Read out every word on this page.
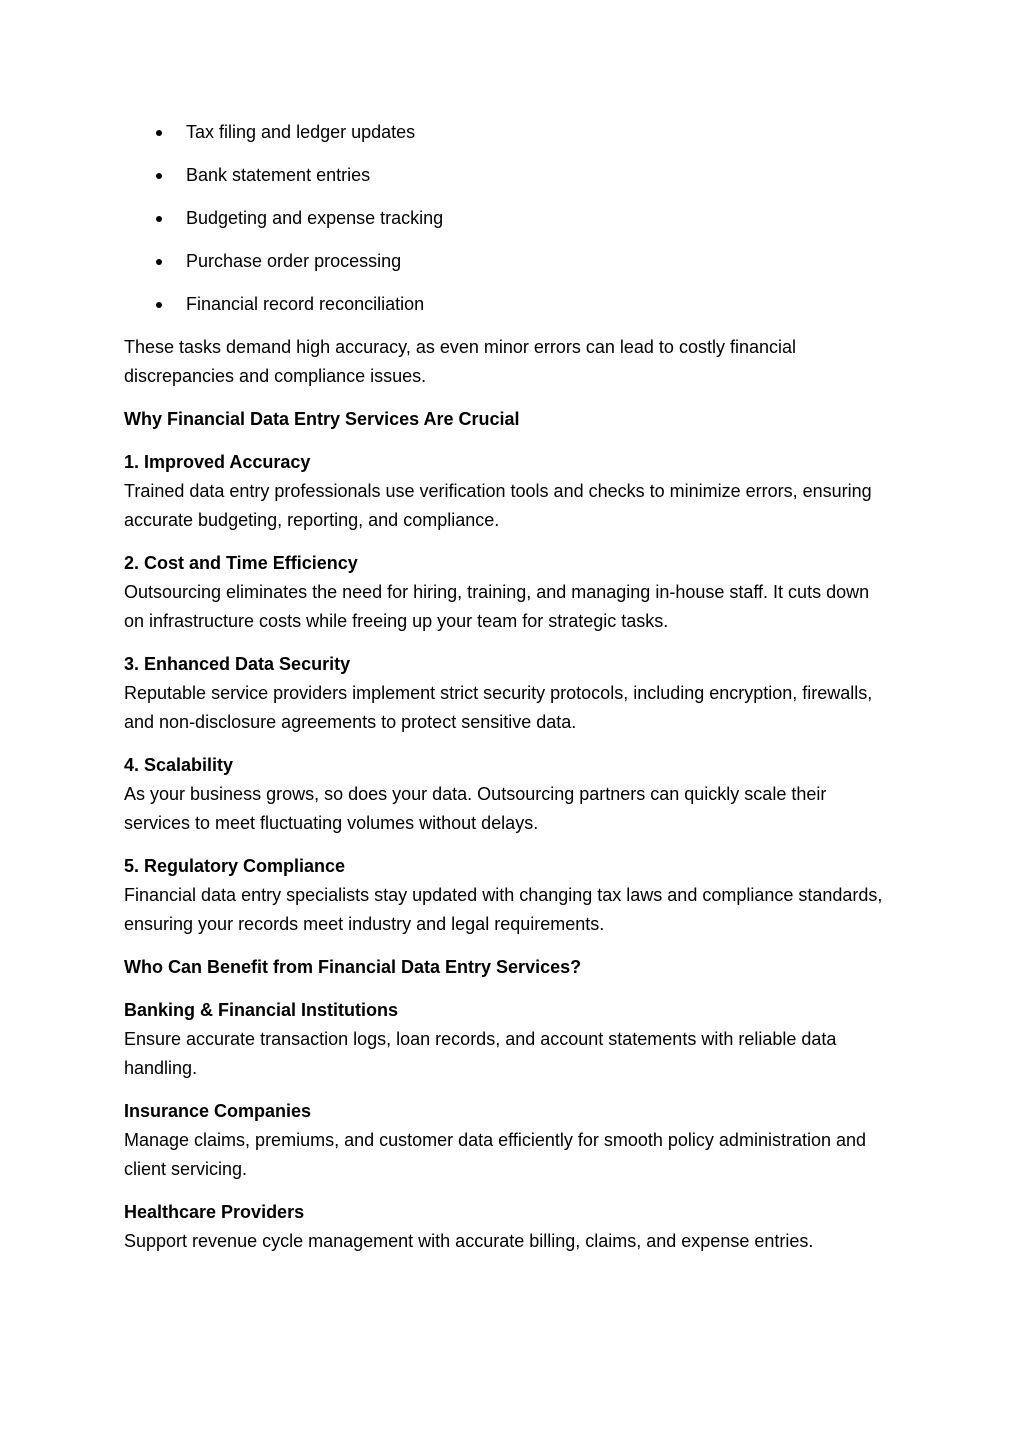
Tax filing and ledger updates
Bank statement entries
Budgeting and expense tracking
Purchase order processing
Financial record reconciliation

These tasks demand high accuracy, as even minor errors can lead to costly financial discrepancies and compliance issues.

Why Financial Data Entry Services Are Crucial
1. Improved Accuracy
Trained data entry professionals use verification tools and checks to minimize errors, ensuring accurate budgeting, reporting, and compliance.
2. Cost and Time Efficiency
Outsourcing eliminates the need for hiring, training, and managing in-house staff. It cuts down on infrastructure costs while freeing up your team for strategic tasks.
3. Enhanced Data Security
Reputable service providers implement strict security protocols, including encryption, firewalls, and non-disclosure agreements to protect sensitive data.
4. Scalability
As your business grows, so does your data. Outsourcing partners can quickly scale their services to meet fluctuating volumes without delays.
5. Regulatory Compliance
Financial data entry specialists stay updated with changing tax laws and compliance standards, ensuring your records meet industry and legal requirements.
Who Can Benefit from Financial Data Entry Services?
Banking & Financial Institutions
Ensure accurate transaction logs, loan records, and account statements with reliable data handling.
Insurance Companies
Manage claims, premiums, and customer data efficiently for smooth policy administration and client servicing.
Healthcare Providers
Support revenue cycle management with accurate billing, claims, and expense entries.
